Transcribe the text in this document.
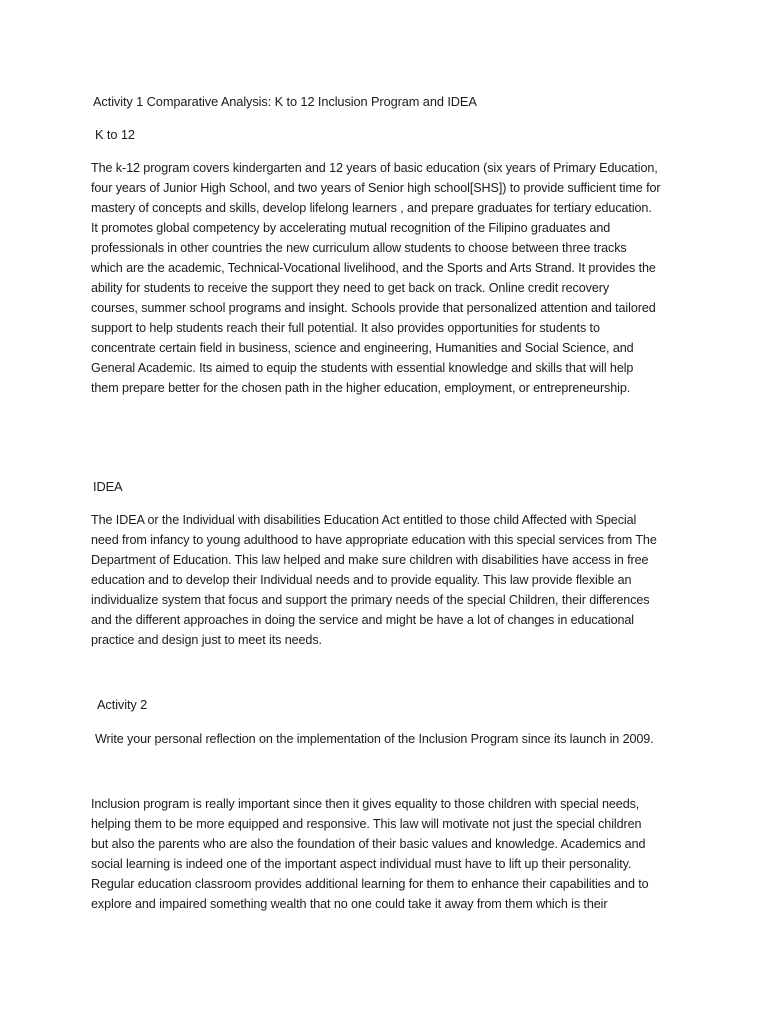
Activity 1 Comparative Analysis: K to 12 Inclusion Program and IDEA
K to 12
The k-12 program covers kindergarten and 12 years of basic education (six years of Primary Education,
four years of Junior High School, and two years of Senior high school[SHS]) to provide sufficient time for
mastery of concepts and skills, develop lifelong learners , and prepare graduates for tertiary education.
It promotes global competency by accelerating mutual recognition of the Filipino graduates and
professionals in other countries the new curriculum allow students to choose between three tracks
which are the academic, Technical-Vocational livelihood, and the Sports and Arts Strand. It provides the
ability for students to receive the support they need to get back on track. Online credit recovery
courses, summer school programs and insight. Schools provide that personalized attention and tailored
support to help students reach their full potential. It also provides opportunities for students to
concentrate certain field in business, science and engineering, Humanities and Social Science, and
General Academic. Its aimed to equip the students with essential knowledge and skills that will help
them prepare better for the chosen path in the higher education, employment, or entrepreneurship.
IDEA
The IDEA or the Individual with disabilities Education Act entitled to those child Affected with Special
need from infancy to young adulthood to have appropriate education with this special services from The
Department of Education. This law helped and make sure children with disabilities have access in free
education and to develop their Individual needs and to provide equality. This law provide flexible an
individualize system that focus and support the primary needs of the special Children, their differences
and the different approaches in doing the service and might be have a lot of changes in educational
practice and design just to meet its needs.
Activity 2
Write your personal reflection on the implementation of the Inclusion Program since its launch in 2009.
Inclusion program is really important since then it gives equality to those children with special needs,
helping them to be more equipped and responsive. This law will motivate not just the special children
but also the parents who are also the foundation of their basic values and knowledge. Academics and
social learning is indeed one of the important aspect individual must have to lift up their personality.
Regular education classroom provides additional learning for them to enhance their capabilities and to
explore and impaired something wealth that no one could take it away from them which is their
